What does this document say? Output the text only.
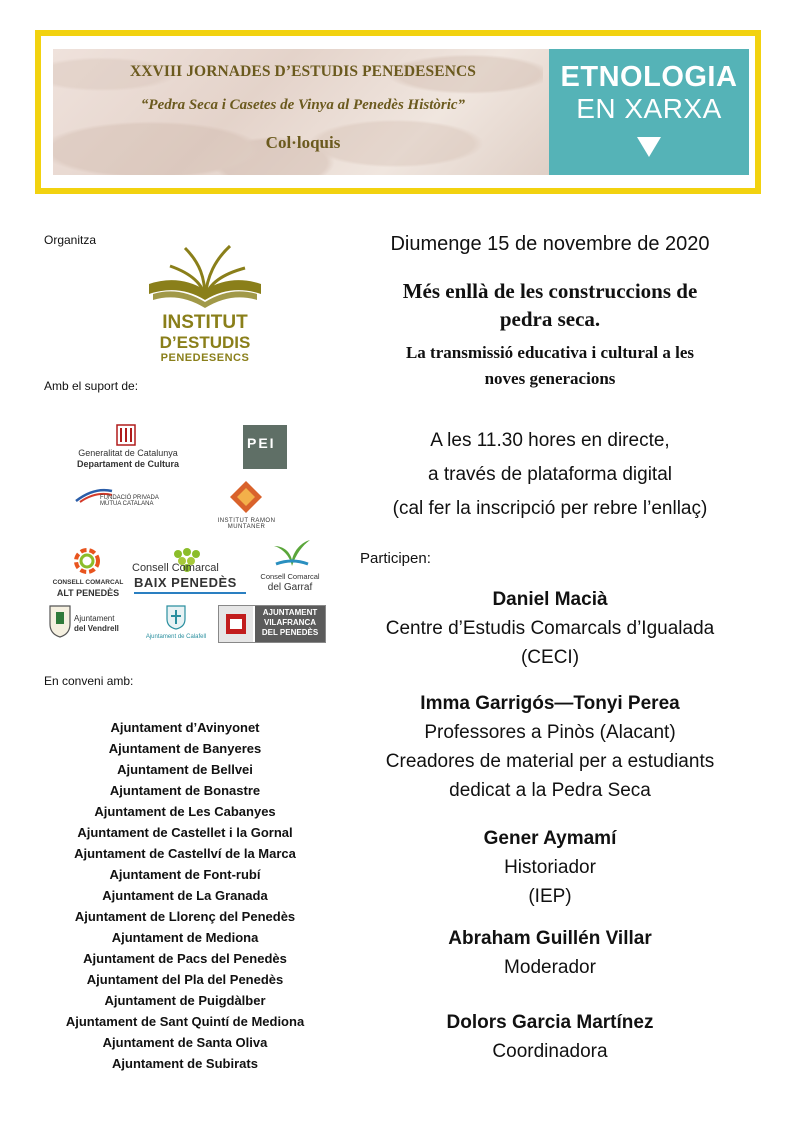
XXVIII JORNADES D’ESTUDIS PENEDESENCS
“Pedra Seca i Casetes de Vinya al Penedès Històric”
Col·loquis
ETNOLOGIA
EN XARXA
Organitza
INSTITUT
D’ESTUDIS
PENEDESENCS
Amb el suport de:
Generalitat de Catalunya
Departament de Cultura
PEI
FUNDACIÓ PRIVADA MÚTUA CATALANA
INSTITUT RAMON MUNTANER
CONSELL COMARCAL
ALT PENEDÈS
Consell Comarcal
BAIX PENEDÈS	Consell Comarcal
del Garraf
Ajuntament
del Vendrell
Ajuntament de Calafell
AJUNTAMENT
VILAFRANCA
DEL PENEDÈS
En conveni amb:
Ajuntament d’Avinyonet
Ajuntament de Banyeres
Ajuntament de Bellvei
Ajuntament de Bonastre
Ajuntament de Les Cabanyes
Ajuntament de Castellet i la Gornal
Ajuntament de Castellví de la Marca
Ajuntament de Font-rubí
Ajuntament de La Granada
Ajuntament de Llorenç del Penedès
Ajuntament de Mediona
Ajuntament de Pacs del Penedès
Ajuntament del Pla del Penedès
Ajuntament de Puigdàlber
Ajuntament de Sant Quintí de Mediona
Ajuntament de Santa Oliva
Ajuntament de Subirats
Diumenge 15 de novembre de 2020
Més enllà de les construccions de
pedra seca.
La transmissió educativa i cultural a les
noves generacions
A les 11.30 hores en directe,
a través de plataforma digital
(cal fer la inscripció per rebre l’enllaç)
Participen:
Daniel Macià
Centre d’Estudis Comarcals d’Igualada
(CECI)
Imma Garrigós—Tonyi Perea
Professores a Pinòs (Alacant)
Creadores de material per a estudiants
dedicat a la Pedra Seca
Gener Aymamí
Historiador
(IEP)
Abraham Guillén Villar
Moderador
Dolors Garcia Martínez
Coordinadora
